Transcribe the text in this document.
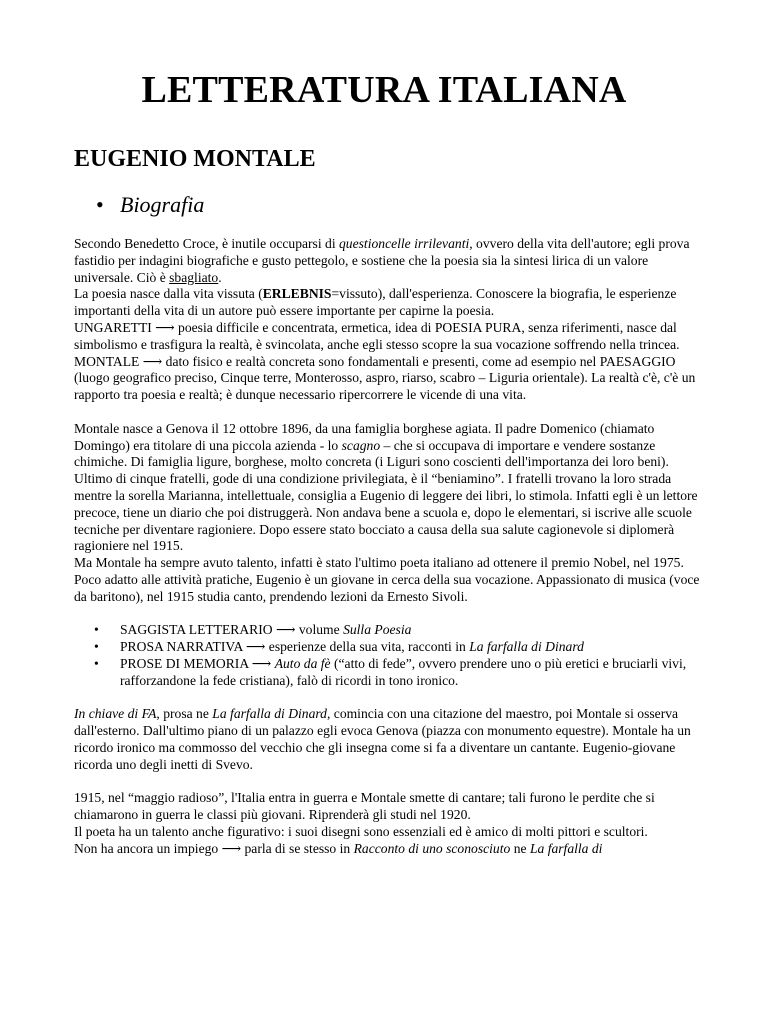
LETTERATURA ITALIANA
EUGENIO MONTALE
• Biografia

Secondo Benedetto Croce, è inutile occuparsi di questioncelle irrilevanti, ovvero della vita dell'autore; egli prova fastidio per indagini biografiche e gusto pettegolo, e sostiene che la poesia sia la sintesi lirica di un valore universale. Ciò è sbagliato.

La poesia nasce dalla vita vissuta (ERLEBNIS=vissuto), dall'esperienza. Conoscere la biografia, le esperienze importanti della vita di un autore può essere importante per capirne la poesia.

UNGARETTI ⟶ poesia difficile e concentrata, ermetica, idea di POESIA PURA, senza riferimenti, nasce dal simbolismo e trasfigura la realtà, è svincolata, anche egli stesso scopre la sua vocazione soffrendo nella trincea.

MONTALE ⟶ dato fisico e realtà concreta sono fondamentali e presenti, come ad esempio nel PAESAGGIO (luogo geografico preciso, Cinque terre, Monterosso, aspro, riarso, scabro – Liguria orientale). La realtà c'è, c'è un rapporto tra poesia e realtà; è dunque necessario ripercorrere le vicende di una vita.

Montale nasce a Genova il 12 ottobre 1896, da una famiglia borghese agiata. Il padre Domenico (chiamato Domingo) era titolare di una piccola azienda - lo scagno – che si occupava di importare e vendere sostanze chimiche. Di famiglia ligure, borghese, molto concreta (i Liguri sono coscienti dell'importanza dei loro beni).

Ultimo di cinque fratelli, gode di una condizione privilegiata, è il “beniamino”. I fratelli trovano la loro strada mentre la sorella Marianna, intellettuale, consiglia a Eugenio di leggere dei libri, lo stimola. Infatti egli è un lettore precoce, tiene un diario che poi distruggerà. Non andava bene a scuola e, dopo le elementari, si iscrive alle scuole tecniche per diventare ragioniere. Dopo essere stato bocciato a causa della sua salute cagionevole si diplomerà ragioniere nel 1915.

Ma Montale ha sempre avuto talento, infatti è stato l'ultimo poeta italiano ad ottenere il premio Nobel, nel 1975.

Poco adatto alle attività pratiche, Eugenio è un giovane in cerca della sua vocazione. Appassionato di musica (voce da baritono), nel 1915 studia canto, prendendo lezioni da Ernesto Sivoli.

• SAGGISTA LETTERARIO ⟶ volume Sulla Poesia
• PROSA NARRATIVA ⟶ esperienze della sua vita, racconti in La farfalla di Dinard
• PROSE DI MEMORIA ⟶ Auto da fè (“atto di fede”, ovvero prendere uno o più eretici e bruciarli vivi, rafforzandone la fede cristiana), falò di ricordi in tono ironico.

In chiave di FA, prosa ne La farfalla di Dinard, comincia con una citazione del maestro, poi Montale si osserva dall'esterno. Dall'ultimo piano di un palazzo egli evoca Genova (piazza con monumento equestre). Montale ha un ricordo ironico ma commosso del vecchio che gli insegna come si fa a diventare un cantante. Eugenio-giovane ricorda uno degli inetti di Svevo.

1915, nel “maggio radioso”, l'Italia entra in guerra e Montale smette di cantare; tali furono le perdite che si chiamarono in guerra le classi più giovani. Riprenderà gli studi nel 1920.

Il poeta ha un talento anche figurativo: i suoi disegni sono essenziali ed è amico di molti pittori e scultori.

Non ha ancora un impiego ⟶ parla di se stesso in Racconto di uno sconosciuto ne La farfalla di
